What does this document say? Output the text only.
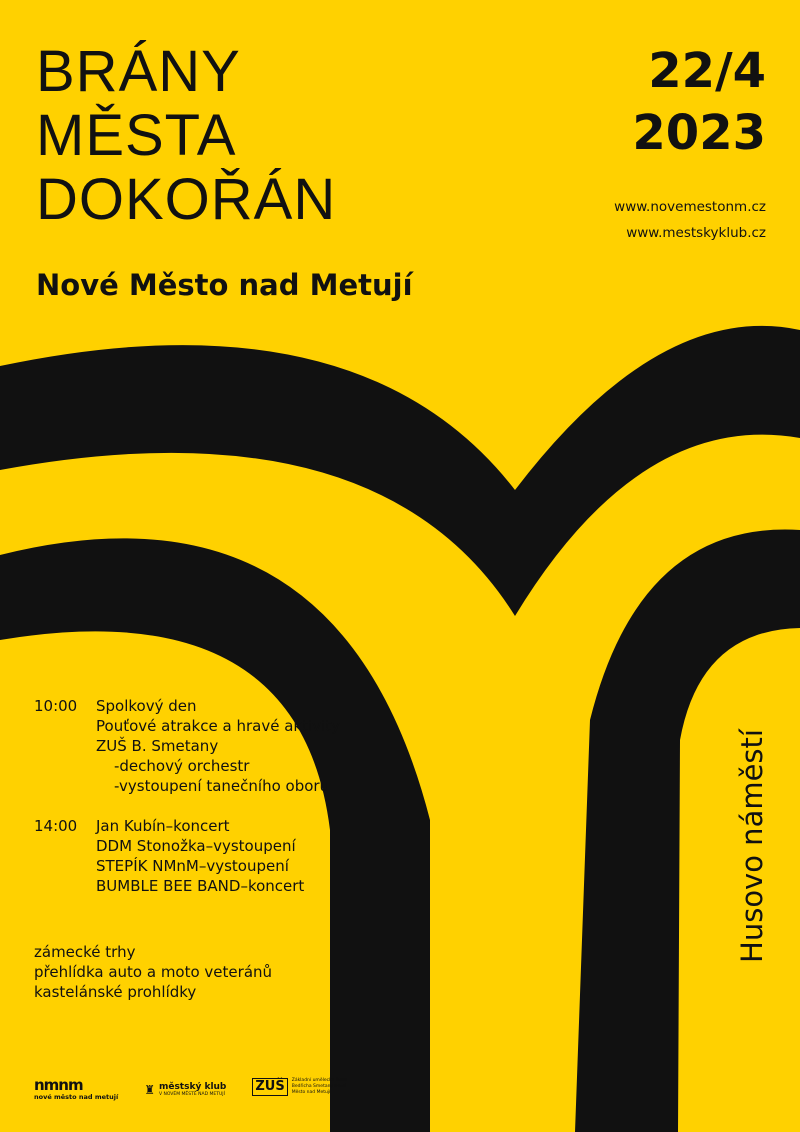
BRÁNY
MĚSTA
DOKOŘÁN
Nové Město nad Metují
22/4
2023
www.novemestonm.cz
www.mestskyklub.cz
10:00	Spolkový den
Pouťové atrakce a hravé aktivity
ZUŠ B. Smetany
-dechový orchestr
-vystoupení tanečního oboru
14:00	Jan Kubín–koncert
DDM Stonožka–vystoupení
STEPÍK NMnM–vystoupení
BUMBLE BEE BAND–koncert
zámecké trhy
přehlídka auto a moto veteránů
kastelánské prohlídky
Husovo náměstí
nmnm
nové město nad metují
♜ městský klub
V NOVÉM MĚSTĚ NAD METUJÍ
ZUŠ	Základní umělecká škola Bedřicha Smetany Nové Město nad Metují
